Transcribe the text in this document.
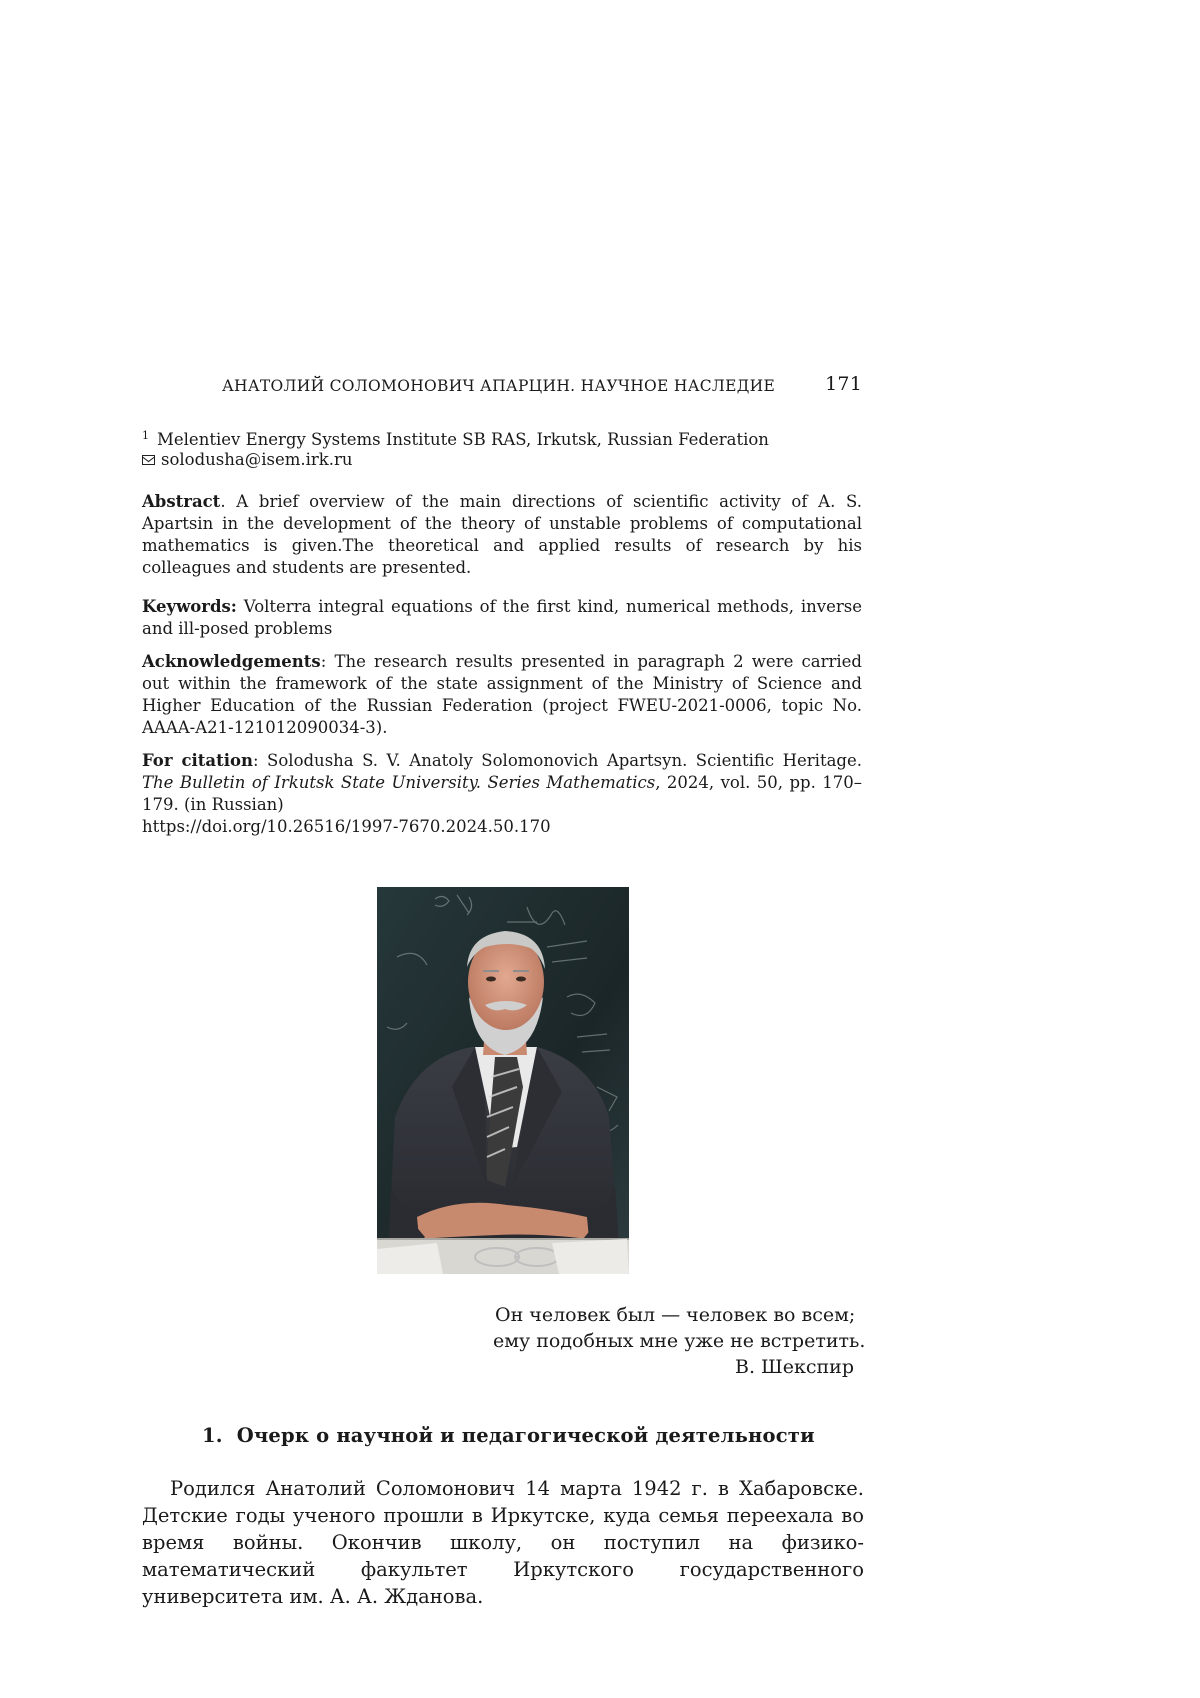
АНАТОЛИЙ СОЛОМОНОВИЧ АПАРЦИН. НАУЧНОЕ НАСЛЕДИЕ	171
$^1$ Melentiev Energy Systems Institute SB RAS, Irkutsk, Russian Federation
solodusha@isem.irk.ru
Abstract. A brief overview of the main directions of scientific activity of A. S. Apartsin in the development of the theory of unstable problems of computational mathematics is given.The theoretical and applied results of research by his colleagues and students are presented.
Keywords: Volterra integral equations of the first kind, numerical methods, inverse and ill-posed problems
Acknowledgements: The research results presented in paragraph 2 were carried out within the framework of the state assignment of the Ministry of Science and Higher Education of the Russian Federation (project FWEU-2021-0006, topic No. AAAA-A21-121012090034-3).
For citation: Solodusha S. V. Anatoly Solomonovich Apartsyn. Scientific Heritage. The Bulletin of Irkutsk State University. Series Mathematics, 2024, vol. 50, pp. 170–179. (in Russian)
https://doi.org/10.26516/1997-7670.2024.50.170
Он человек был — человек во всем;
ему подобных мне уже не встретить.
В. Шекспир
1. Очерк о научной и педагогической деятельности
Родился Анатолий Соломонович 14 марта 1942 г. в Хабаровске. Детские годы ученого прошли в Иркутске, куда семья переехала во время войны. Окончив школу, он поступил на физико-математический факультет Иркутского государственного университета им. А. А. Жданова.
